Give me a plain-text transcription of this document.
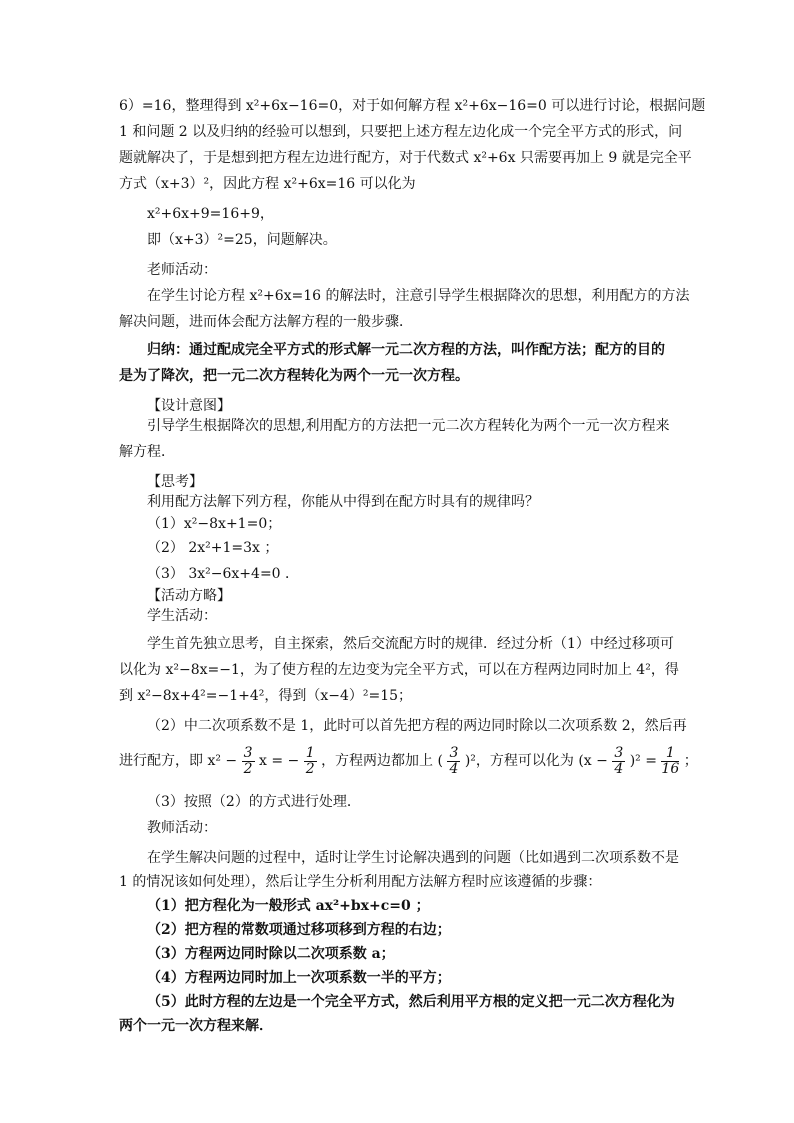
6）=16，整理得到 x²+6x−16=0，对于如何解方程 x²+6x−16=0 可以进行讨论，根据问题
1 和问题 2 以及归纳的经验可以想到，只要把上述方程左边化成一个完全平方式的形式，问
题就解决了，于是想到把方程左边进行配方，对于代数式 x²+6x 只需要再加上 9 就是完全平
方式（x+3）²，因此方程 x²+6x=16 可以化为
x²+6x+9=16+9，
即（x+3）²=25，问题解决。
老师活动：
在学生讨论方程 x²+6x=16 的解法时，注意引导学生根据降次的思想，利用配方的方法
解决问题，进而体会配方法解方程的一般步骤．
归纳：通过配成完全平方式的形式解一元二次方程的方法，叫作配方法；配方的目的
是为了降次，把一元二次方程转化为两个一元一次方程。
【设计意图】
引导学生根据降次的思想,利用配方的方法把一元二次方程转化为两个一元一次方程来
解方程．
【思考】
利用配方法解下列方程，你能从中得到在配方时具有的规律吗？
（1）x²−8x+1=0；
（2） 2x²+1=3x ；
（3） 3x²−6x+4=0 ．
【活动方略】
学生活动：
学生首先独立思考，自主探索，然后交流配方时的规律．经过分析（1）中经过移项可
以化为 x²−8x=−1，为了使方程的左边变为完全平方式，可以在方程两边同时加上 4²，得
到 x²−8x+4²=−1+4²，得到（x−4）²=15；
（2）中二次项系数不是 1，此时可以首先把方程的两边同时除以二次项系数 2，然后再
进行配方，即 $x^2 - \frac{3}{2}$ x = − $\frac{1}{2}$ ，方程两边都加上 ( $\frac{3}{4} )^2$，方程可以化为 $(x - \frac{3}{4} )^2 = \frac{1}{16}$ ；
（3）按照（2）的方式进行处理．
教师活动：
在学生解决问题的过程中，适时让学生讨论解决遇到的问题（比如遇到二次项系数不是
1 的情况该如何处理），然后让学生分析利用配方法解方程时应该遵循的步骤：
（1）把方程化为一般形式 ax²+bx+c=0 ；
（2）把方程的常数项通过移项移到方程的右边；
（3）方程两边同时除以二次项系数 a；
（4）方程两边同时加上一次项系数一半的平方；
（5）此时方程的左边是一个完全平方式，然后利用平方根的定义把一元二次方程化为
两个一元一次方程来解．
